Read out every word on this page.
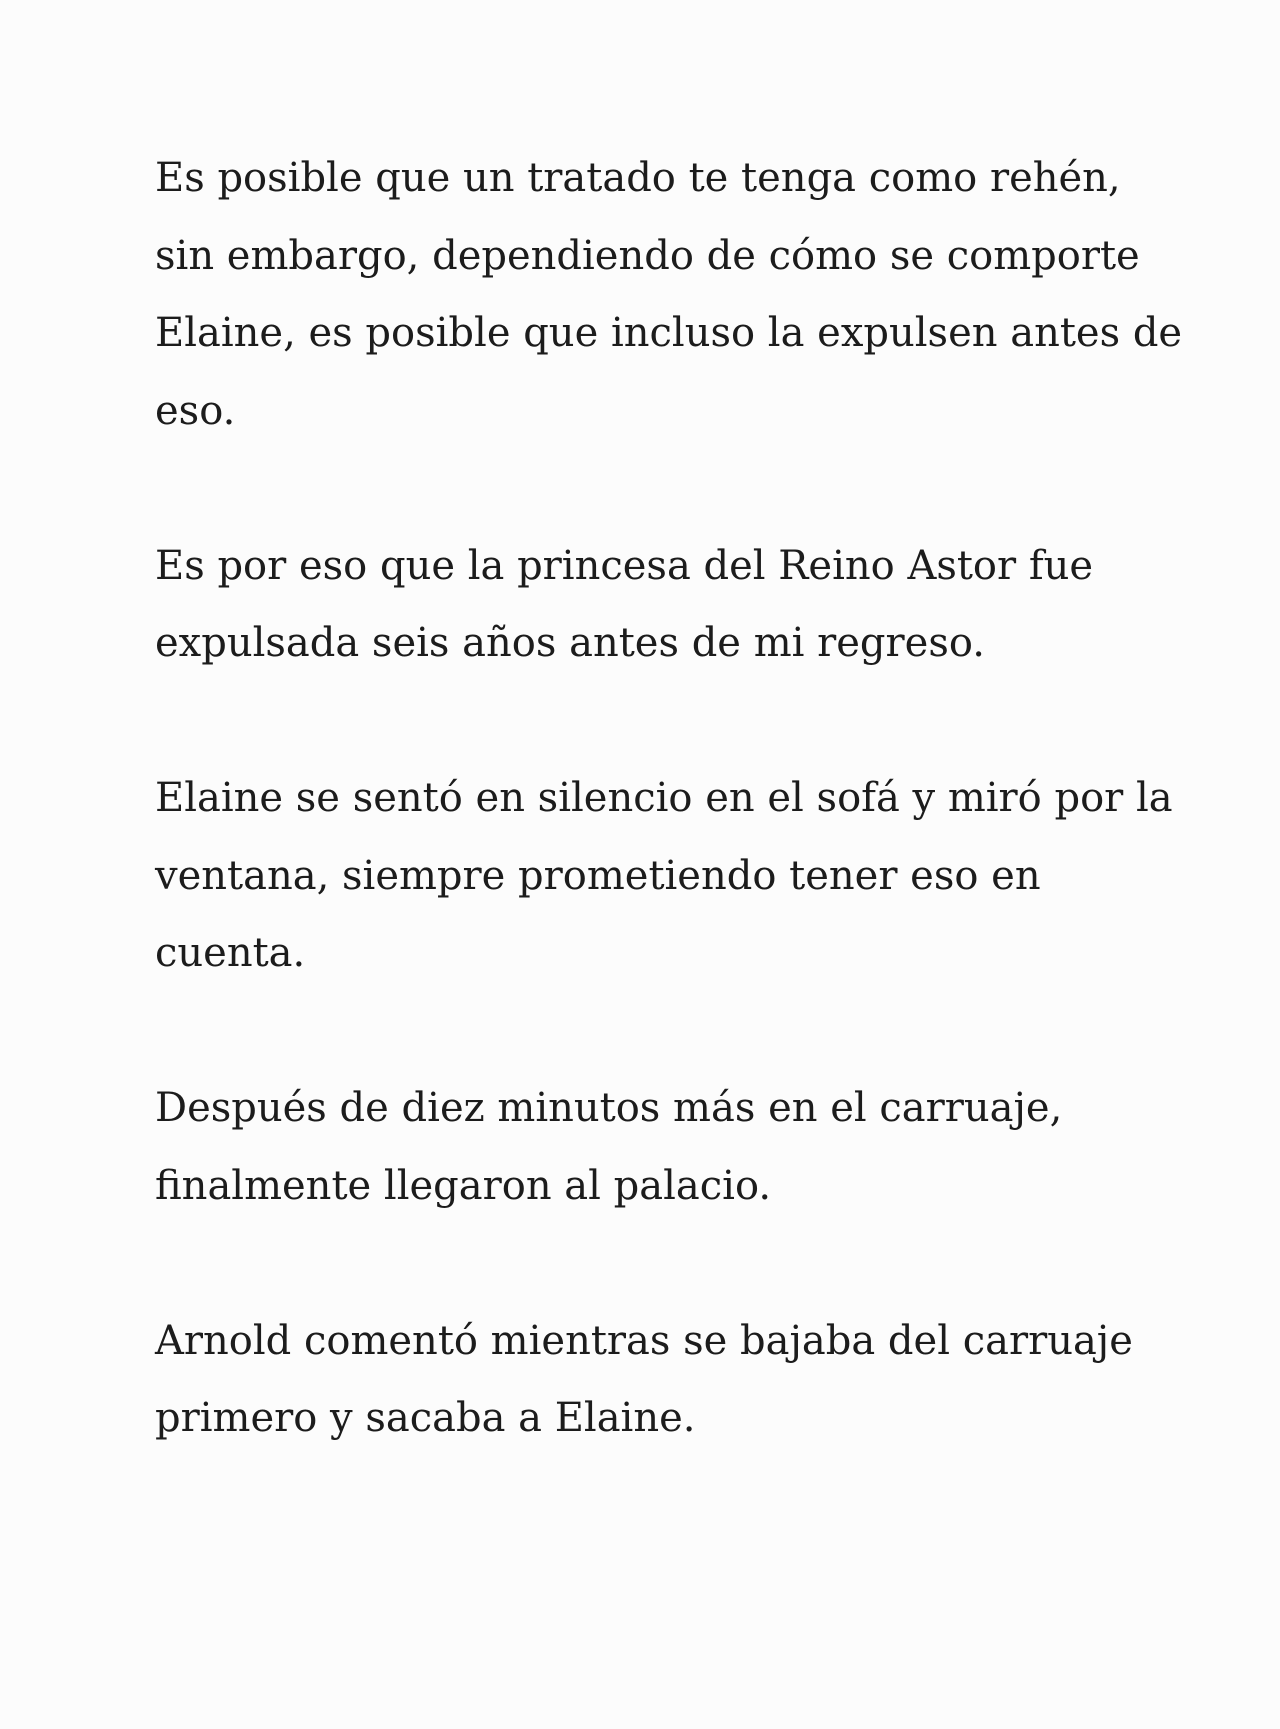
Es posible que un tratado te tenga como rehén,
sin embargo, dependiendo de cómo se comporte
Elaine, es posible que incluso la expulsen antes de
eso.

Es por eso que la princesa del Reino Astor fue
expulsada seis años antes de mi regreso.

Elaine se sentó en silencio en el sofá y miró por la
ventana, siempre prometiendo tener eso en
cuenta.

Después de diez minutos más en el carruaje,
finalmente llegaron al palacio.

Arnold comentó mientras se bajaba del carruaje
primero y sacaba a Elaine.
